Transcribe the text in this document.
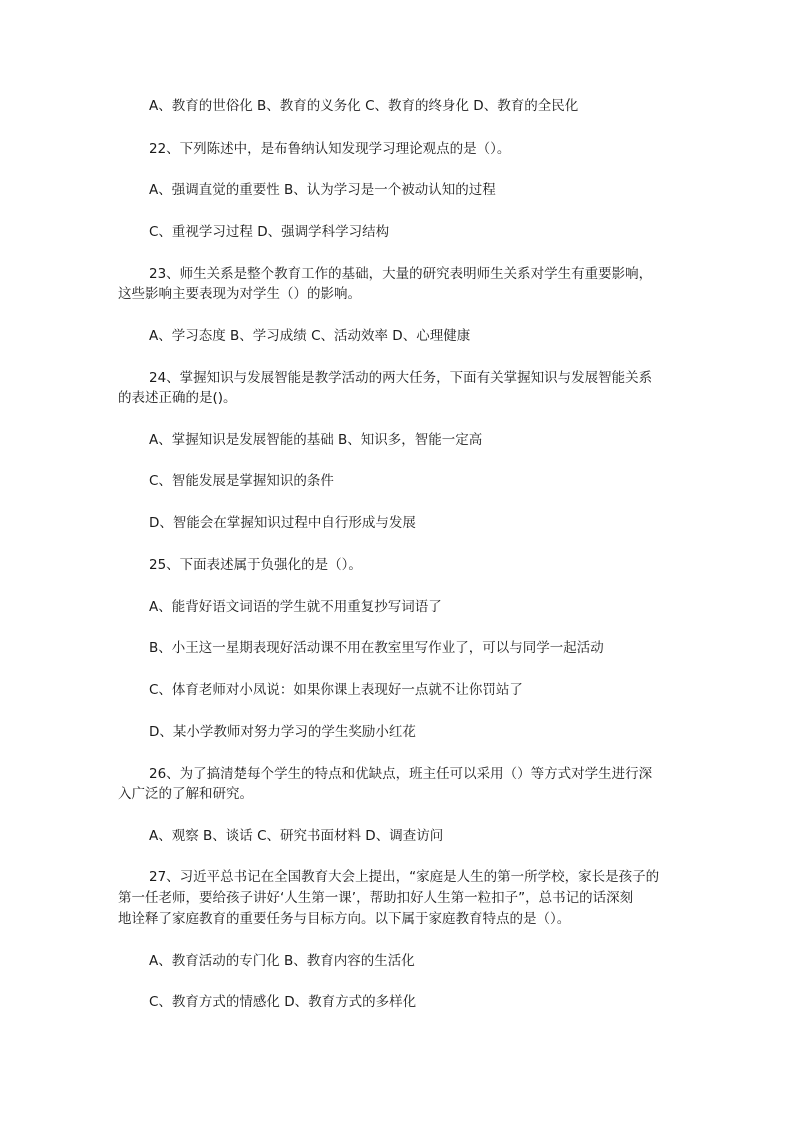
A、教育的世俗化 B、教育的义务化 C、教育的终身化 D、教育的全民化
22、下列陈述中，是布鲁纳认知发现学习理论观点的是（）。
A、强调直觉的重要性 B、认为学习是一个被动认知的过程
C、重视学习过程 D、强调学科学习结构
23、师生关系是整个教育工作的基础，大量的研究表明师生关系对学生有重要影响，
这些影响主要表现为对学生（）的影响。
A、学习态度 B、学习成绩 C、活动效率 D、心理健康
24、掌握知识与发展智能是教学活动的两大任务，下面有关掌握知识与发展智能关系
的表述正确的是()。
A、掌握知识是发展智能的基础 B、知识多，智能一定高
C、智能发展是掌握知识的条件
D、智能会在掌握知识过程中自行形成与发展
25、下面表述属于负强化的是（）。
A、能背好语文词语的学生就不用重复抄写词语了
B、小王这一星期表现好活动课不用在教室里写作业了，可以与同学一起活动
C、体育老师对小凤说：如果你课上表现好一点就不让你罚站了
D、某小学教师对努力学习的学生奖励小红花
26、为了搞清楚每个学生的特点和优缺点，班主任可以采用（）等方式对学生进行深
入广泛的了解和研究。
A、观察 B、谈话 C、研究书面材料 D、调查访问
27、习近平总书记在全国教育大会上提出，“家庭是人生的第一所学校，家长是孩子的
第一任老师，要给孩子讲好‘人生第一课’，帮助扣好人生第一粒扣子”，总书记的话深刻
地诠释了家庭教育的重要任务与目标方向。以下属于家庭教育特点的是（）。
A、教育活动的专门化 B、教育内容的生活化
C、教育方式的情感化 D、教育方式的多样化
